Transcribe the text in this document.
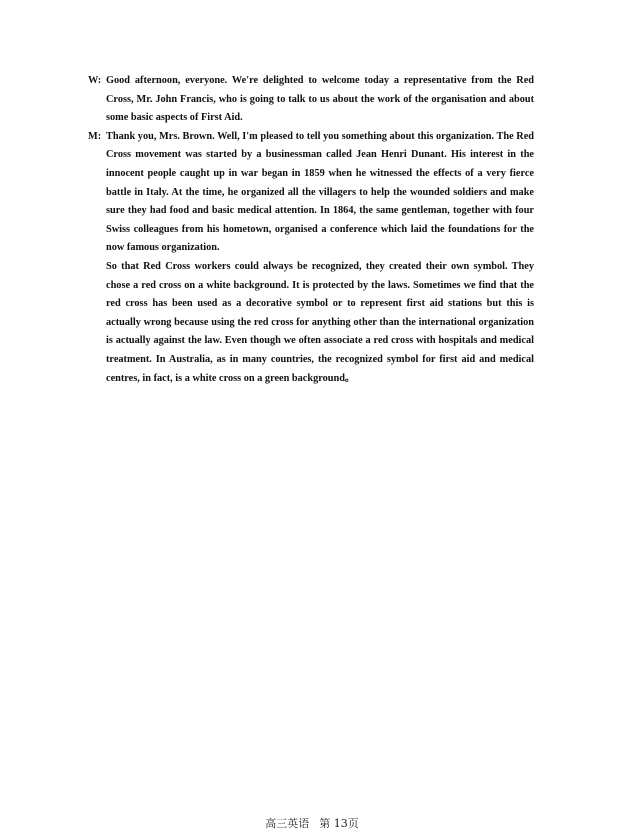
W: Good afternoon, everyone. We're delighted to welcome today a representative from the Red Cross, Mr. John Francis, who is going to talk to us about the work of the organisation and about some basic aspects of First Aid.

M: Thank you, Mrs. Brown. Well, I'm pleased to tell you something about this organization. The Red Cross movement was started by a businessman called Jean Henri Dunant. His interest in the innocent people caught up in war began in 1859 when he witnessed the effects of a very fierce battle in Italy. At the time, he organized all the villagers to help the wounded soldiers and make sure they had food and basic medical attention. In 1864, the same gentleman, together with four Swiss colleagues from his hometown, organised a conference which laid the foundations for the now famous organization.

So that Red Cross workers could always be recognized, they created their own symbol. They chose a red cross on a white background. It is protected by the laws. Sometimes we find that the red cross has been used as a decorative symbol or to represent first aid stations but this is actually wrong because using the red cross for anything other than the international organization is actually against the law. Even though we often associate a red cross with hospitals and medical treatment. In Australia, as in many countries, the recognized symbol for first aid and medical centres, in fact, is a white cross on a green background。

高三英语 第 13页
